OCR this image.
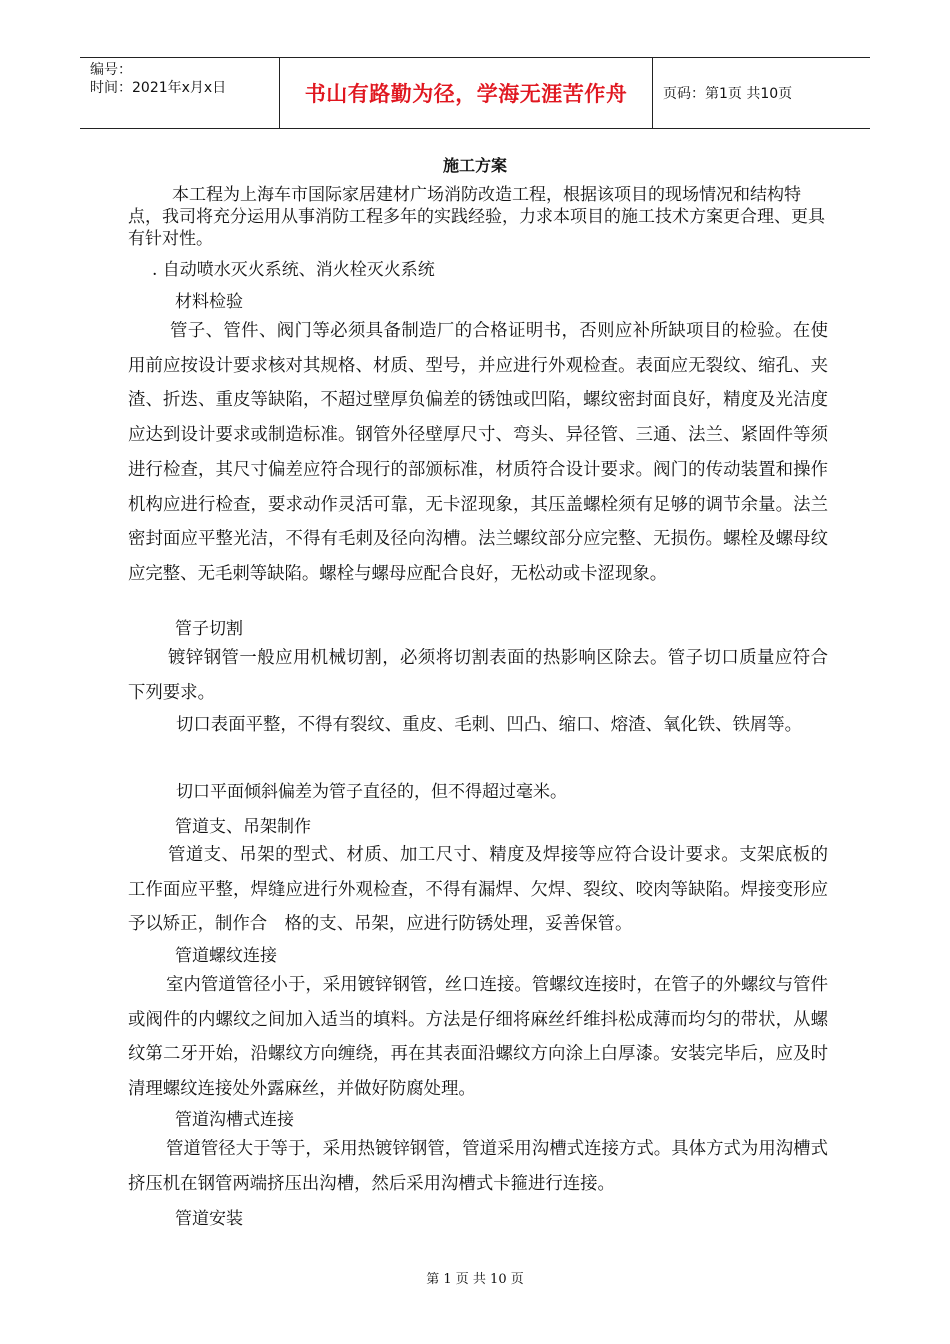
编号：
时间：2021年x月x日	书山有路勤为径，学海无涯苦作舟	页码：第1页 共10页
施工方案

本工程为上海车市国际家居建材广场消防改造工程，根据该项目的现场情况和结构特点，我司将充分运用从事消防工程多年的实践经验，力求本项目的施工技术方案更合理、更具有针对性。

. 自动喷水灭火系统、消火栓灭火系统

材料检验

管子、管件、阀门等必须具备制造厂的合格证明书，否则应补所缺项目的检验。在使用前应按设计要求核对其规格、材质、型号，并应进行外观检查。表面应无裂纹、缩孔、夹渣、折迭、重皮等缺陷，不超过壁厚负偏差的锈蚀或凹陷，螺纹密封面良好，精度及光洁度应达到设计要求或制造标准。钢管外径壁厚尺寸、弯头、异径管、三通、法兰、紧固件等须进行检查，其尺寸偏差应符合现行的部颁标准，材质符合设计要求。阀门的传动装置和操作机构应进行检查，要求动作灵活可靠，无卡涩现象，其压盖螺栓须有足够的调节余量。法兰密封面应平整光洁，不得有毛刺及径向沟槽。法兰螺纹部分应完整、无损伤。螺栓及螺母纹应完整、无毛刺等缺陷。螺栓与螺母应配合良好，无松动或卡涩现象。

管子切割

镀锌钢管一般应用机械切割，必须将切割表面的热影响区除去。管子切口质量应符合下列要求。

切口表面平整，不得有裂纹、重皮、毛刺、凹凸、缩口、熔渣、氧化铁、铁屑等。

切口平面倾斜偏差为管子直径的，但不得超过毫米。

管道支、吊架制作

管道支、吊架的型式、材质、加工尺寸、精度及焊接等应符合设计要求。支架底板的工作面应平整，焊缝应进行外观检查，不得有漏焊、欠焊、裂纹、咬肉等缺陷。焊接变形应予以矫正，制作合　格的支、吊架，应进行防锈处理，妥善保管。

管道螺纹连接

室内管道管径小于，采用镀锌钢管，丝口连接。管螺纹连接时，在管子的外螺纹与管件或阀件的内螺纹之间加入适当的填料。方法是仔细将麻丝纤维抖松成薄而均匀的带状，从螺纹第二牙开始，沿螺纹方向缠绕，再在其表面沿螺纹方向涂上白厚漆。安装完毕后，应及时清理螺纹连接处外露麻丝，并做好防腐处理。

管道沟槽式连接

管道管径大于等于，采用热镀锌钢管，管道采用沟槽式连接方式。具体方式为用沟槽式挤压机在钢管两端挤压出沟槽，然后采用沟槽式卡箍进行连接。

管道安装

第 1 页 共 10 页
